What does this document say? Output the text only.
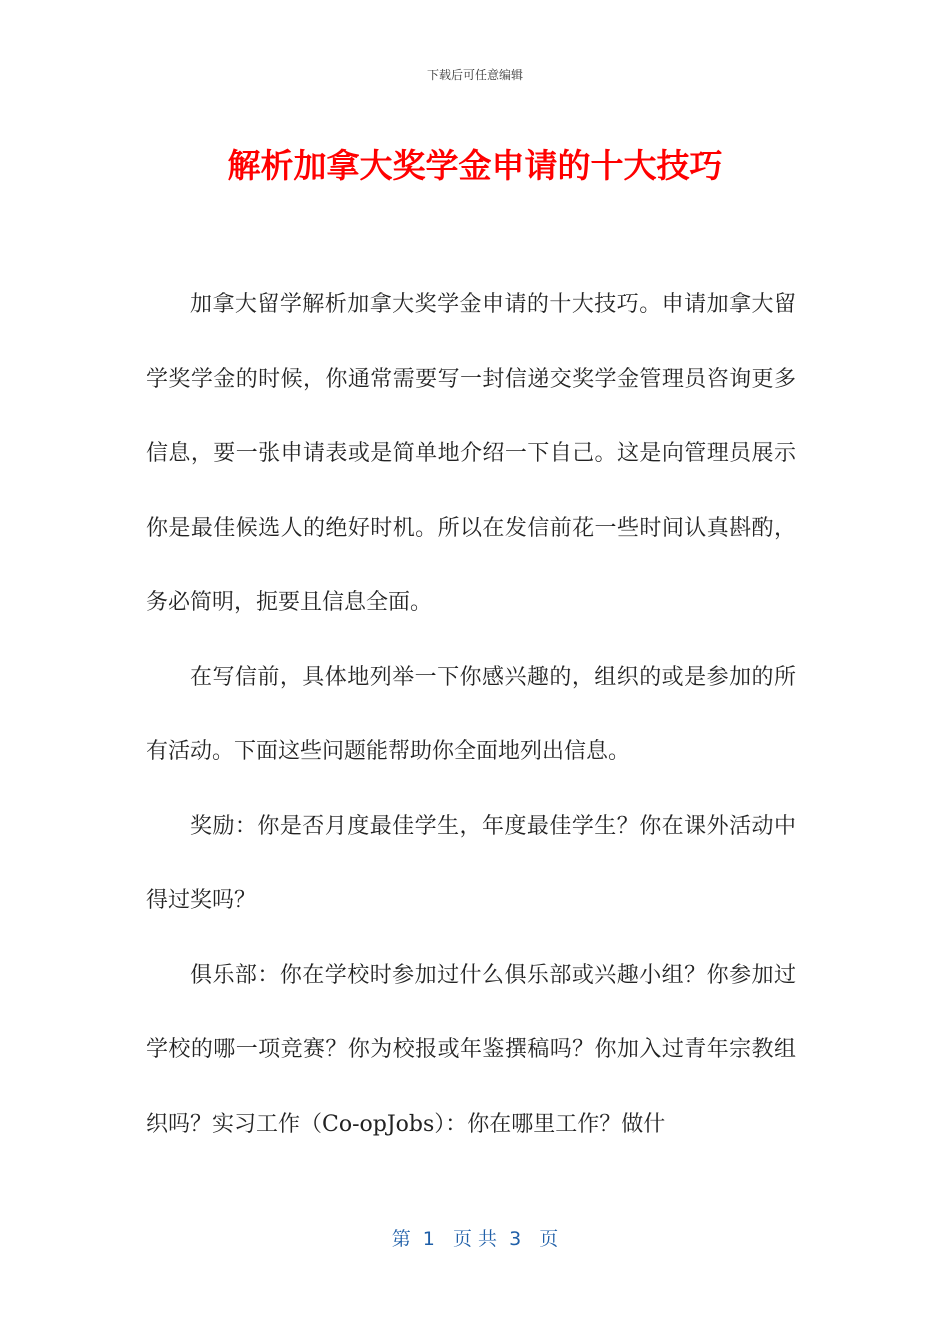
下载后可任意编辑
解析加拿大奖学金申请的十大技巧

加拿大留学解析加拿大奖学金申请的十大技巧。申请加拿大留学奖学金的时候，你通常需要写一封信递交奖学金管理员咨询更多信息，要一张申请表或是简单地介绍一下自己。这是向管理员展示你是最佳候选人的绝好时机。所以在发信前花一些时间认真斟酌，务必简明，扼要且信息全面。

在写信前，具体地列举一下你感兴趣的，组织的或是参加的所有活动。下面这些问题能帮助你全面地列出信息。

奖励：你是否月度最佳学生，年度最佳学生？你在课外活动中得过奖吗？

俱乐部：你在学校时参加过什么俱乐部或兴趣小组？你参加过学校的哪一项竞赛？你为校报或年鉴撰稿吗？你加入过青年宗教组织吗？实习工作（Co-opJobs）：你在哪里工作？做什

第  1   页 共  3   页
